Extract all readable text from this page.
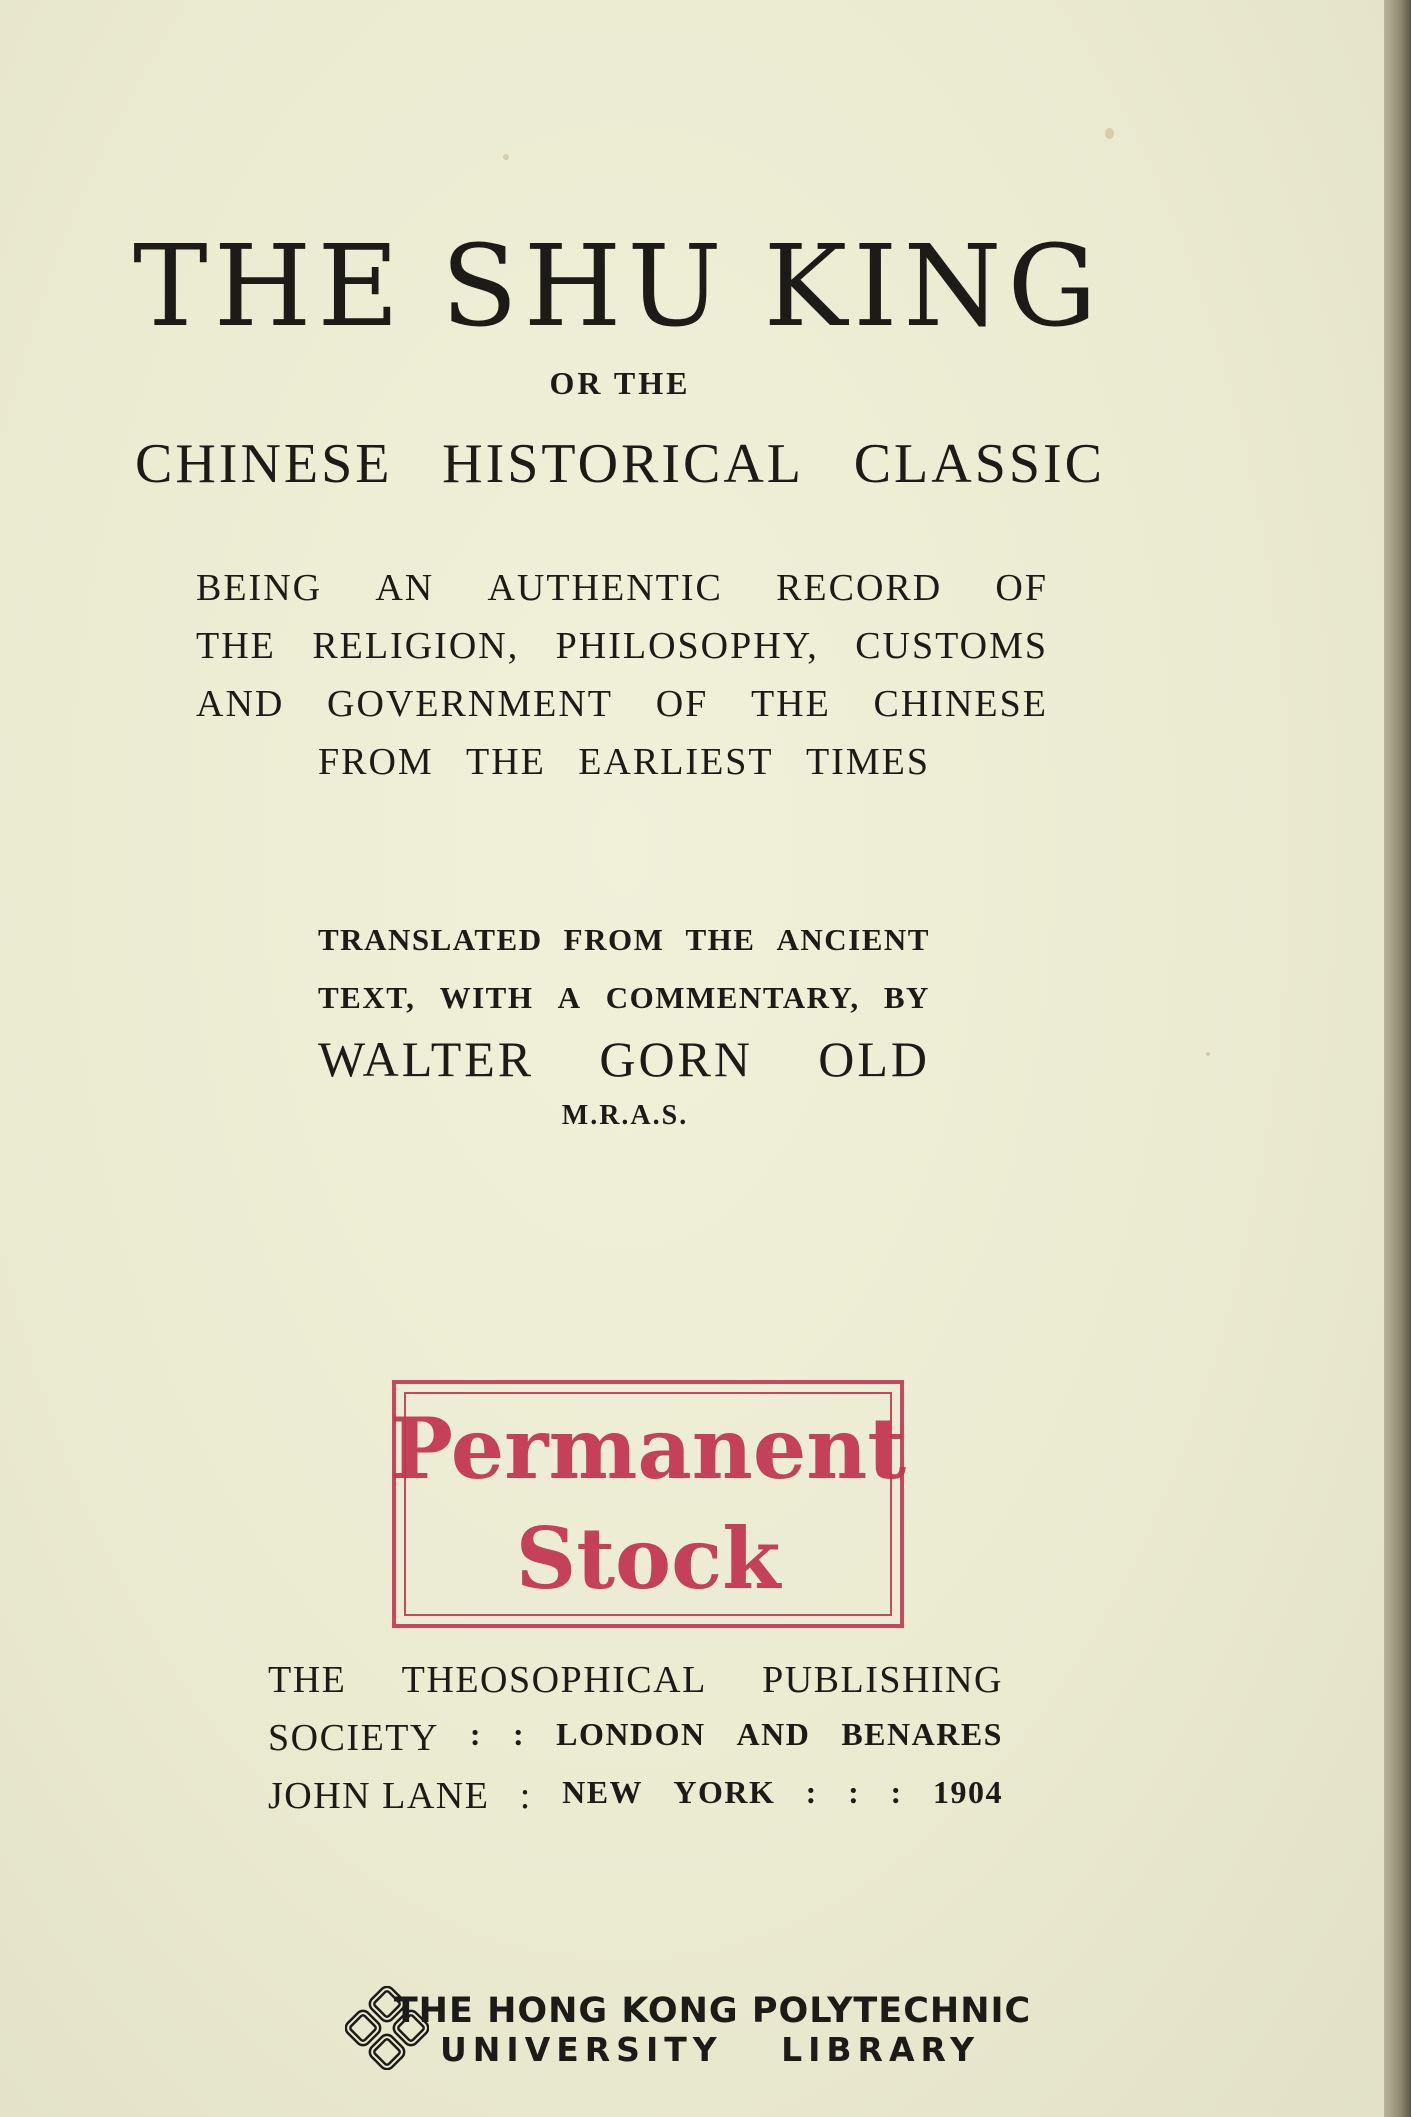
THE SHU KING
OR THE
CHINESE HISTORICAL CLASSIC
BEING AN AUTHENTIC RECORD OF
THE RELIGION, PHILOSOPHY, CUSTOMS
AND GOVERNMENT OF THE CHINESE
FROM THE EARLIEST TIMES
TRANSLATED FROM THE ANCIENT
TEXT, WITH A COMMENTARY, BY
WALTER GORN OLD
M.R.A.S.
Permanent
Stock
THE THEOSOPHICAL PUBLISHING
SOCIETY : : LONDON AND BENARES
JOHN LANE : NEW YORK : : : 1904
THE HONG KONG POLYTECHNIC
UNIVERSITY LIBRARY
